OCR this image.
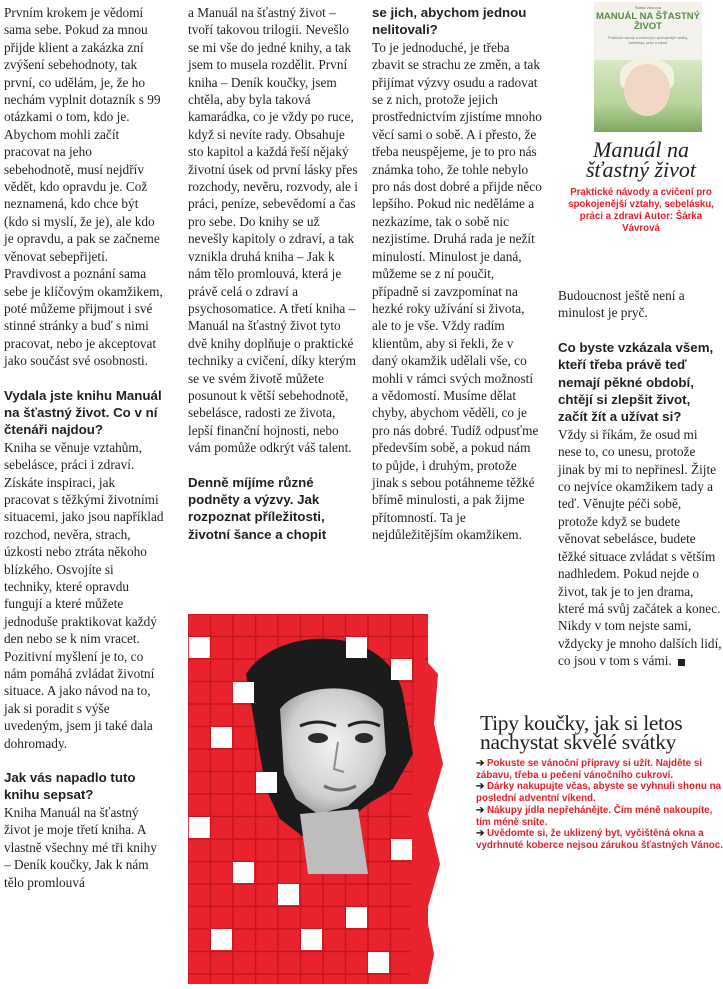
Prvním krokem je vědomí sama sebe. Pokud za mnou přijde klient a zakázka zní zvýšení sebehodnoty, tak první, co udělám, je, že ho nechám vyplnit dotazník s 99 otázkami o tom, kdo je. Abychom mohli začít pracovat na jeho sebehodnotě, musí nejdřív vědět, kdo opravdu je. Což neznamená, kdo chce být (kdo si myslí, že je), ale kdo je opravdu, a pak se začneme věnovat sebepřijetí. Pravdivost a poznání sama sebe je klíčovým okamžikem, poté můžeme přijmout i své stinné stránky a buď s nimi pracovat, nebo je akceptovat jako součást své osobnosti.

Vydala jste knihu Manuál na šťastný život. Co v ní čtenáři najdou?

Kniha se věnuje vztahům, sebelásce, práci i zdraví. Získáte inspiraci, jak pracovat s těžkými životními situacemi, jako jsou například rozchod, nevěra, strach, úzkosti nebo ztráta někoho blízkého. Osvojíte si techniky, které opravdu fungují a které můžete jednoduše praktikovat každý den nebo se k nim vracet. Pozitivní myšlení je to, co nám pomáhá zvládat životní situace. A jako návod na to, jak si poradit s výše uvedeným, jsem ji také dala dohromady.

Jak vás napadlo tuto knihu sepsat?

Kniha Manuál na šťastný život je moje třetí kniha. A vlastně všechny mé tři knihy – Deník koučky, Jak k nám tělo promlouvá

a Manuál na šťastný život – tvoří takovou trilogii. Nevešlo se mi vše do jedné knihy, a tak jsem to musela rozdělit. První kniha – Deník koučky, jsem chtěla, aby byla taková kamarádka, co je vždy po ruce, když si nevíte rady. Obsahuje sto kapitol a každá řeší nějaký životní úsek od první lásky přes rozchody, nevěru, rozvody, ale i práci, peníze, sebevědomí a čas pro sebe. Do knihy se už nevešly kapitoly o zdraví, a tak vznikla druhá kniha – Jak k nám tělo promlouvá, která je právě celá o zdraví a psychosomatice. A třetí kniha – Manuál na šťastný život tyto dvě knihy doplňuje o praktické techniky a cvičení, díky kterým se ve svém životě můžete posunout k větší sebehodnotě, sebelásce, radosti ze života, lepší finanční hojnosti, nebo vám pomůže odkrýt váš talent.

Denně míjíme různé podněty a výzvy. Jak rozpoznat příležitosti, životní šance a chopit

se jich, abychom jednou nelitovali?

To je jednoduché, je třeba zbavit se strachu ze změn, a tak přijímat výzvy osudu a radovat se z nich, protože jejich prostřednictvím zjistíme mnoho věcí sami o sobě. A i přesto, že třeba neuspějeme, je to pro nás známka toho, že tohle nebylo pro nás dost dobré a přijde něco lepšího. Pokud nic neděláme a nezkazíme, tak o sobě nic nezjistíme. Druhá rada je nežít minulostí. Minulost je daná, můžeme se z ní poučit, případně si zavzpomínat na hezké roky užívání si života, ale to je vše. Vždy radím klientům, aby si řekli, že v daný okamžik udělali vše, co mohli v rámci svých možností a vědomostí. Musíme dělat chyby, abychom věděli, co je pro nás dobré. Tudíž odpusťme především sobě, a pokud nám to půjde, i druhým, protože jinak s sebou potáhneme těžké břímě minulosti, a pak žijme přítomností. Ta je nejdůležitějším okamžikem.

Budoucnost ještě není a minulost je pryč.

Co byste vzkázala všem, kteří třeba právě teď nemají pěkné období, chtějí si zlepšit život, začít žít a užívat si?

Vždy si říkám, že osud mi nese to, co unesu, protože jinak by mi to nepřinesl. Žijte co nejvíce okamžikem tady a teď. Věnujte péči sobě, protože když se budete věnovat sebelásce, budete těžké situace zvládat s větším nadhledem. Pokud nejde o život, tak je to jen drama, které má svůj začátek a konec. Nikdy v tom nejste sami, vždycky je mnoho dalších lidí, co jsou v tom s vámi.

Šárka Vávrová
MANUÁL NA ŠŤASTNÝ ŽIVOT
Praktické návody a cvičení pro spokojenější vztahy, sebelásku, práci a zdraví

Manuál na šťastný život

Praktické návody a cvičení pro spokojenější vztahy, sebelásku, práci a zdraví Autor: Šárka Vávrová

Tipy koučky, jak si letos nachystat skvělé svátky

➔ Pokuste se vánoční přípravy si užít. Najděte si zábavu, třeba u pečení vánočního cukroví.
➔ Dárky nakupujte včas, abyste se vyhnuli shonu na poslední adventní víkend.
➔ Nákupy jídla nepřehánějte. Čím méně nakoupíte, tím méně sníte.
➔ Uvědomte si, že uklizený byt, vyčištěná okna a vydrhnuté koberce nejsou zárukou šťastných Vánoc.
